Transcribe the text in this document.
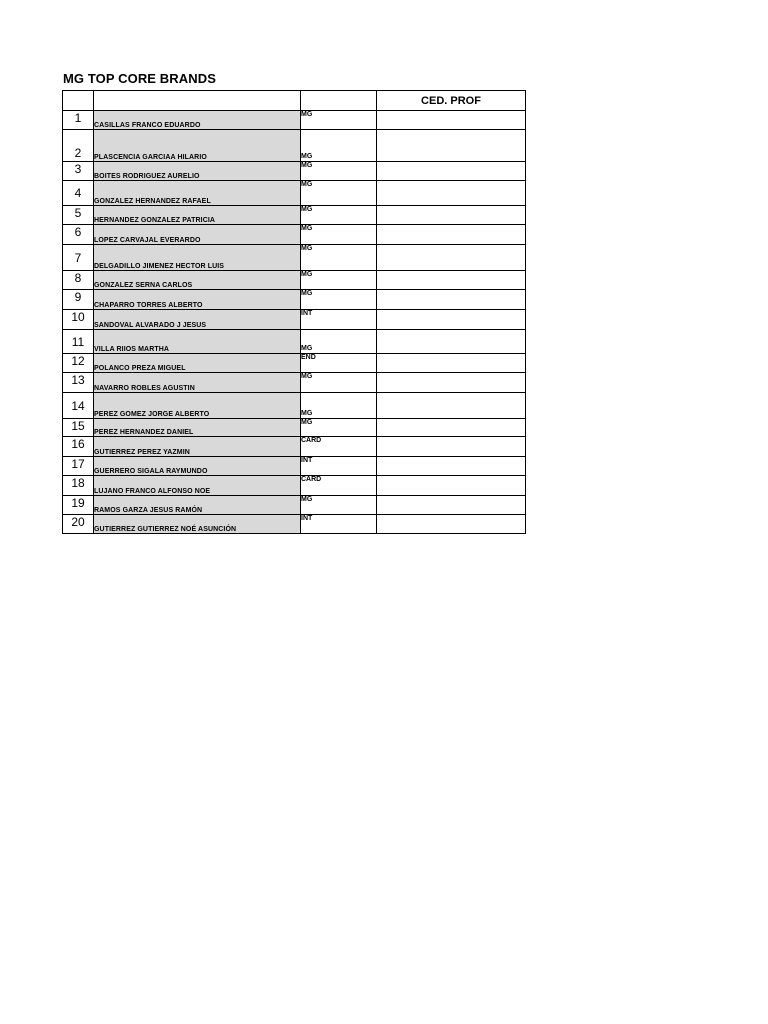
MG TOP CORE BRANDS
			CED. PROF
1	CASILLAS FRANCO EDUARDO	MG	
2	PLASCENCIA GARCIAA HILARIO	MG	
3	BOITES RODRIGUEZ AURELIO	MG	
4	GONZALEZ HERNANDEZ RAFAEL	MG	
5	HERNANDEZ GONZALEZ PATRICIA	MG	
6	LOPEZ CARVAJAL EVERARDO	MG	
7	DELGADILLO JIMENEZ HECTOR LUIS	MG	
8	GONZALEZ SERNA CARLOS	MG	
9	CHAPARRO TORRES ALBERTO	MG	
10	SANDOVAL ALVARADO J JESUS	INT	
11	VILLA RIIOS MARTHA	MG	
12	POLANCO PREZA MIGUEL	END	
13	NAVARRO ROBLES AGUSTIN	MG	
14	PEREZ GOMEZ JORGE ALBERTO	MG	
15	PEREZ HERNANDEZ DANIEL	MG	
16	GUTIERREZ PEREZ YAZMIN	CARD	
17	GUERRERO SIGALA RAYMUNDO	INT	
18	LUJANO FRANCO ALFONSO NOE	CARD	
19	RAMOS GARZA JESUS RAMÓN	MG	
20	GUTIERREZ GUTIERREZ NOÉ ASUNCIÓN	INT	
